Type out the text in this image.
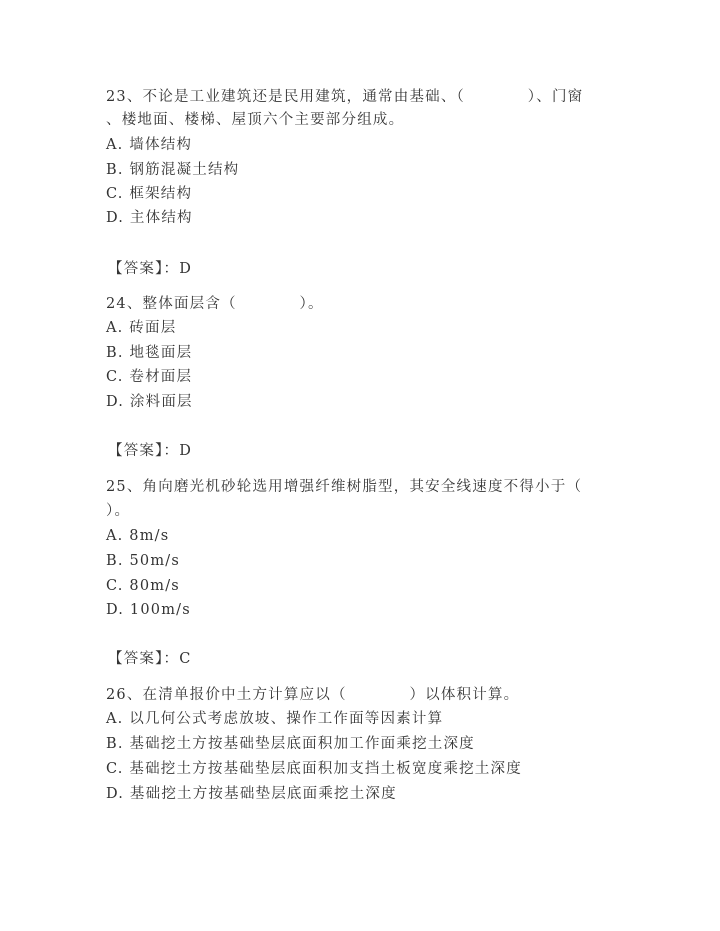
23、不论是工业建筑还是民用建筑，通常由基础、（　　　　）、门窗
、楼地面、楼梯、屋顶六个主要部分组成。
A. 墙体结构
B. 钢筋混凝土结构
C. 框架结构
D. 主体结构
【答案】：D
24、整体面层含（　　　　）。
A. 砖面层
B. 地毯面层
C. 卷材面层
D. 涂料面层
【答案】：D
25、角向磨光机砂轮选用增强纤维树脂型，其安全线速度不得小于（
）。
A. 8m/s
B. 50m/s
C. 80m/s
D. 100m/s
【答案】：C
26、在清单报价中土方计算应以（　　　　）以体积计算。
A. 以几何公式考虑放坡、操作工作面等因素计算
B. 基础挖土方按基础垫层底面积加工作面乘挖土深度
C. 基础挖土方按基础垫层底面积加支挡土板宽度乘挖土深度
D. 基础挖土方按基础垫层底面乘挖土深度
